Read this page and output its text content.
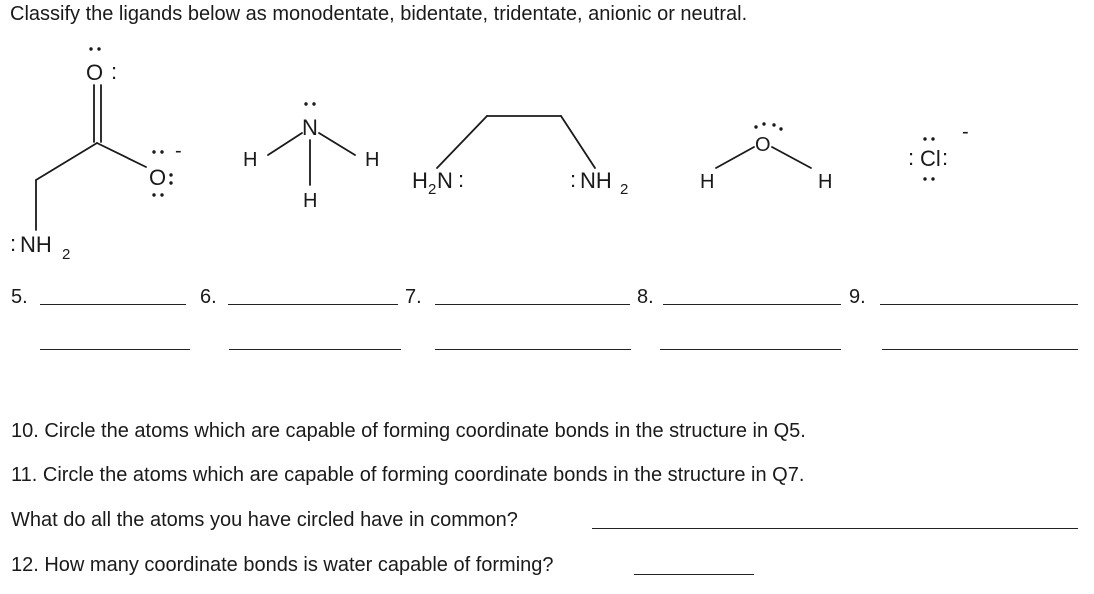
Classify the ligands below as monodentate, bidentate, tridentate, anionic or neutral.
O :
O
-
: NH 2
N
H	H
H
H 2 N :	: NH 2
O
H	H
: Cl :
-
5.	6.	7.	8.	9.
10. Circle the atoms which are capable of forming coordinate bonds in the structure in Q5.
11. Circle the atoms which are capable of forming coordinate bonds in the structure in Q7.
What do all the atoms you have circled have in common?
12. How many coordinate bonds is water capable of forming?
